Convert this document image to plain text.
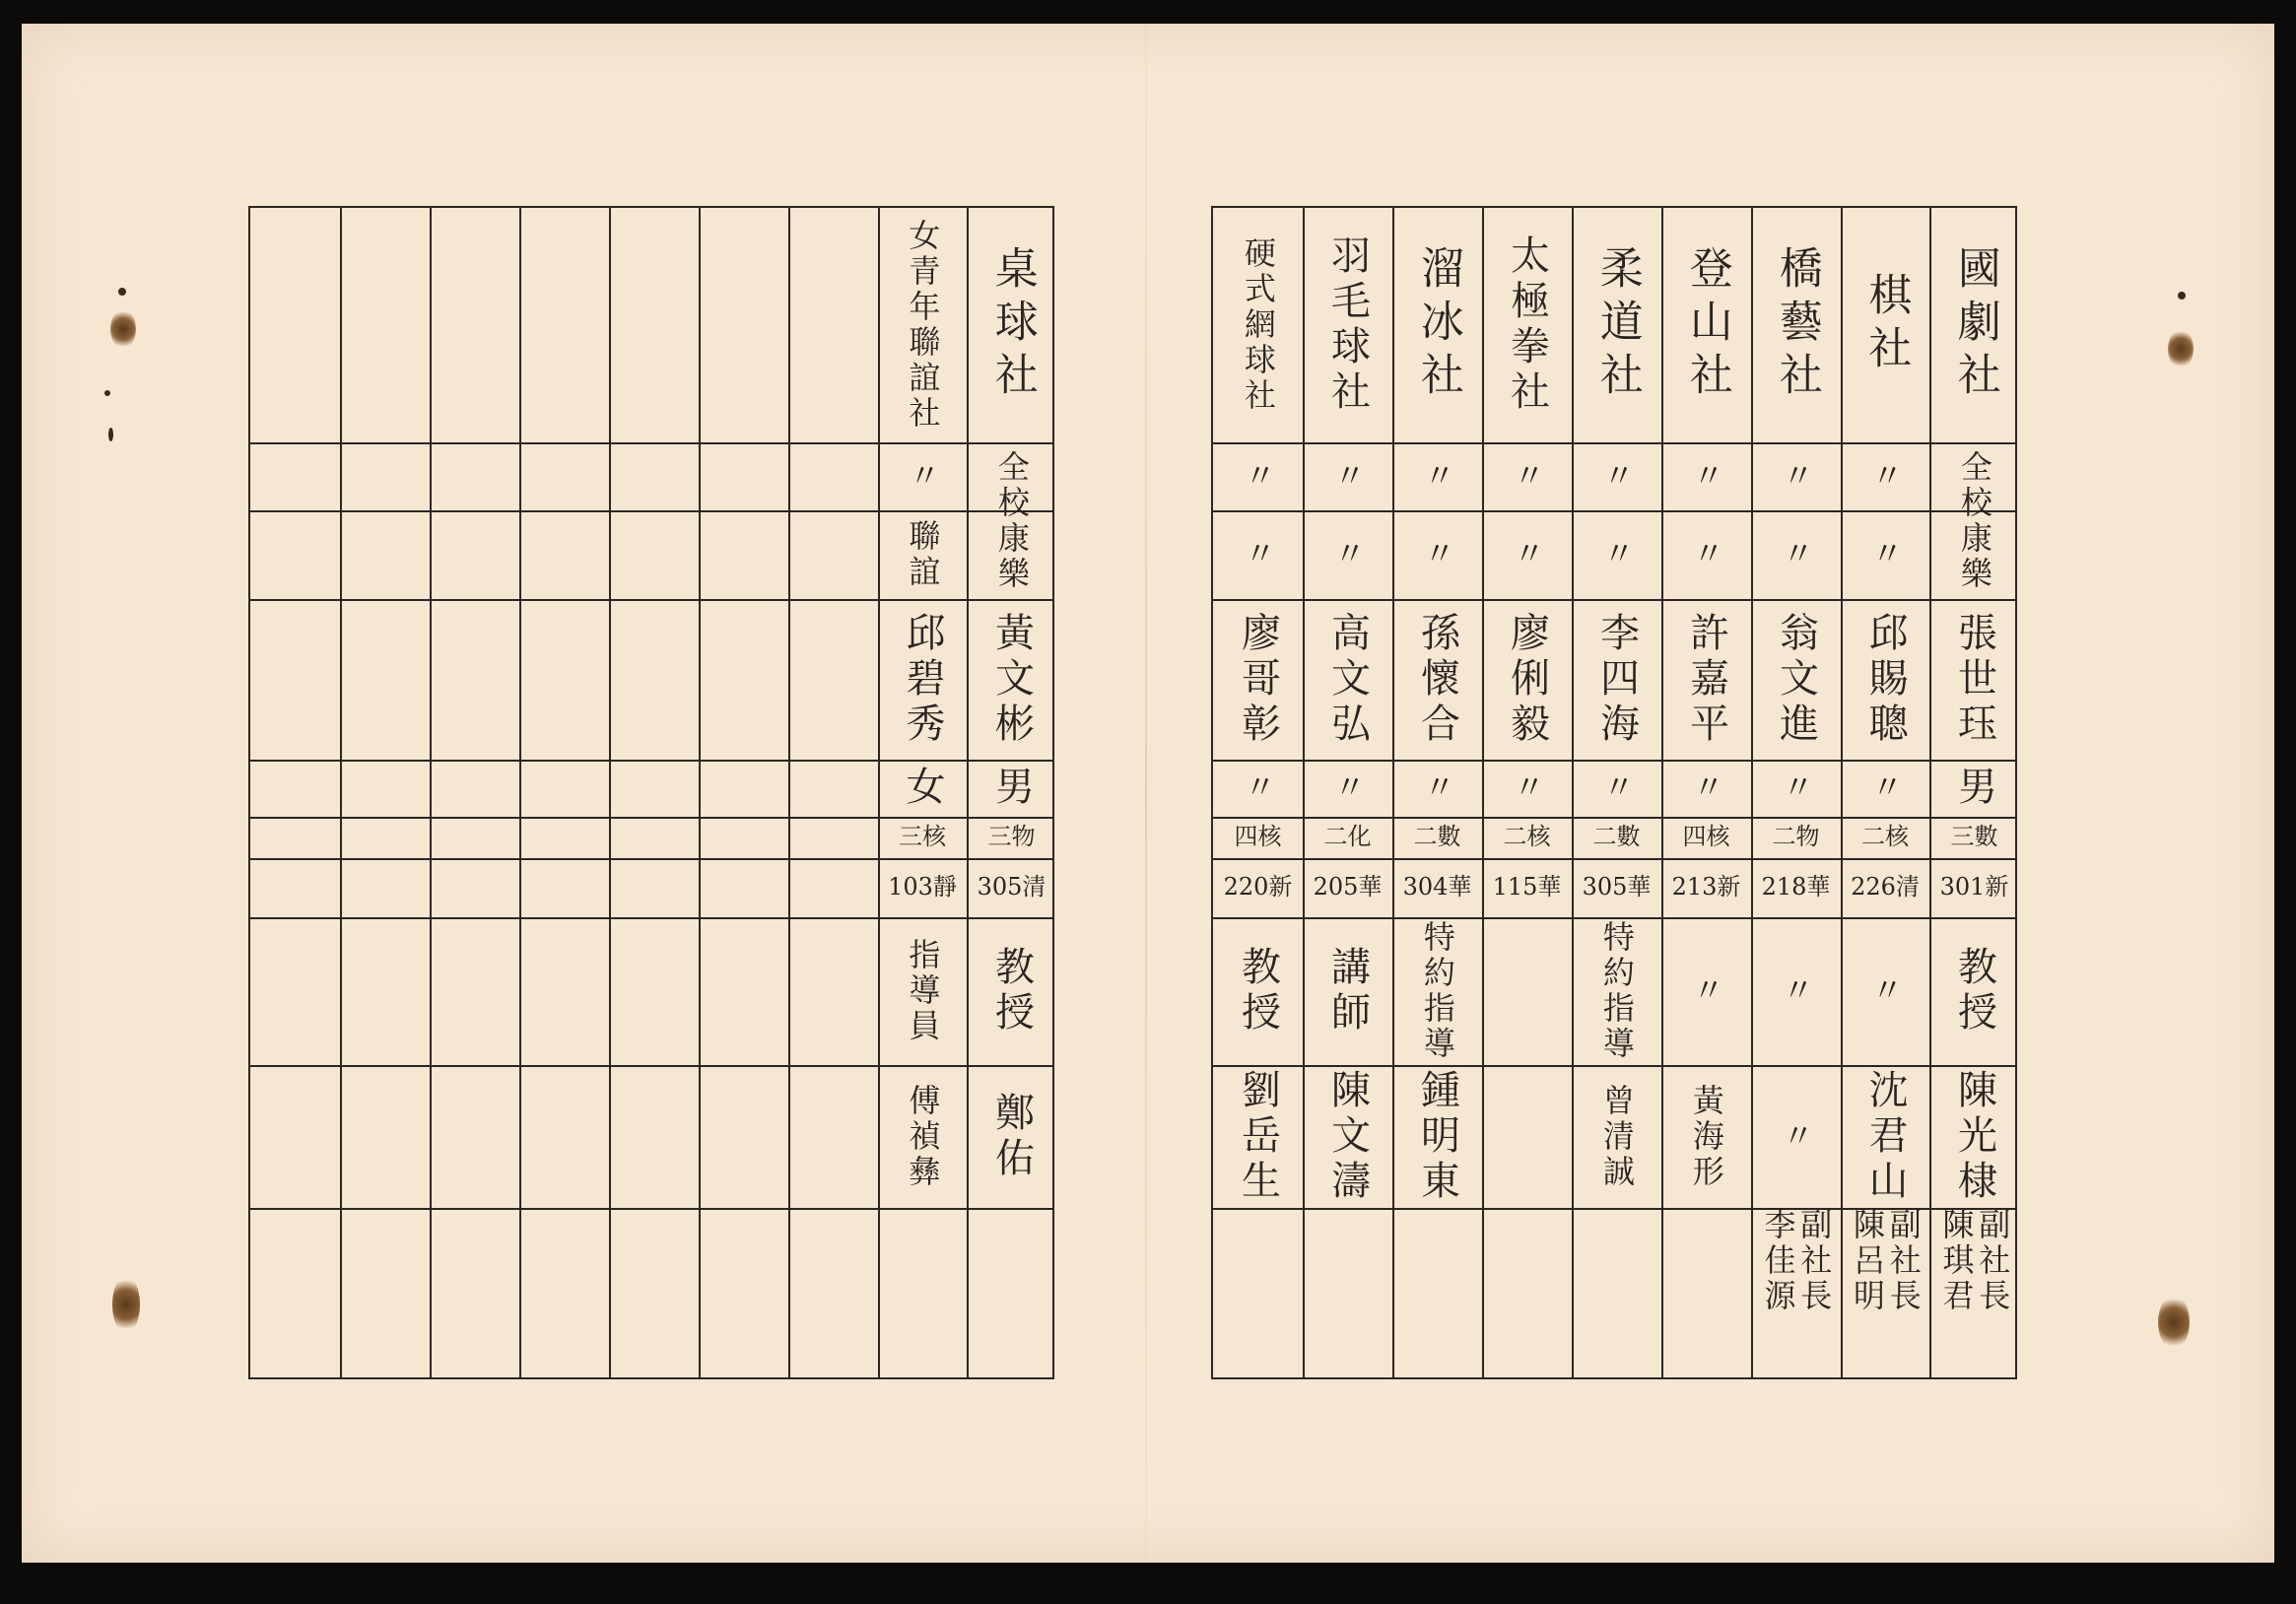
桌球社
全校康樂
黃文彬
男
三物
305清
教授
鄭佑
女青年聯誼社
〃
聯誼
邱碧秀
女
三核
103靜
指導員
傅禎彝
國劇社
全校康樂
張世珏
男
三數
301新
教授
陳光棣
副社長 陳琪君
棋社
〃
〃
邱賜聰
〃
二核
226清
〃
沈君山
副社長 陳呂明
橋藝社
〃
〃
翁文進
〃
二物
218華
〃
〃
副社長 李佳源
登山社
〃
〃
許嘉平
〃
四核
213新
〃
黃海形
柔道社
〃
〃
李四海
〃
二數
305華
特約指導
曾清誠
太極拳社
〃
〃
廖俐毅
〃
二核
115華
溜冰社
〃
〃
孫懷合
〃
二數
304華
特約指導
鍾明東
羽毛球社
〃
〃
高文弘
〃
二化
205華
講師
陳文濤
硬式網球社
〃
〃
廖哥彰
〃
四核
220新
教授
劉岳生
